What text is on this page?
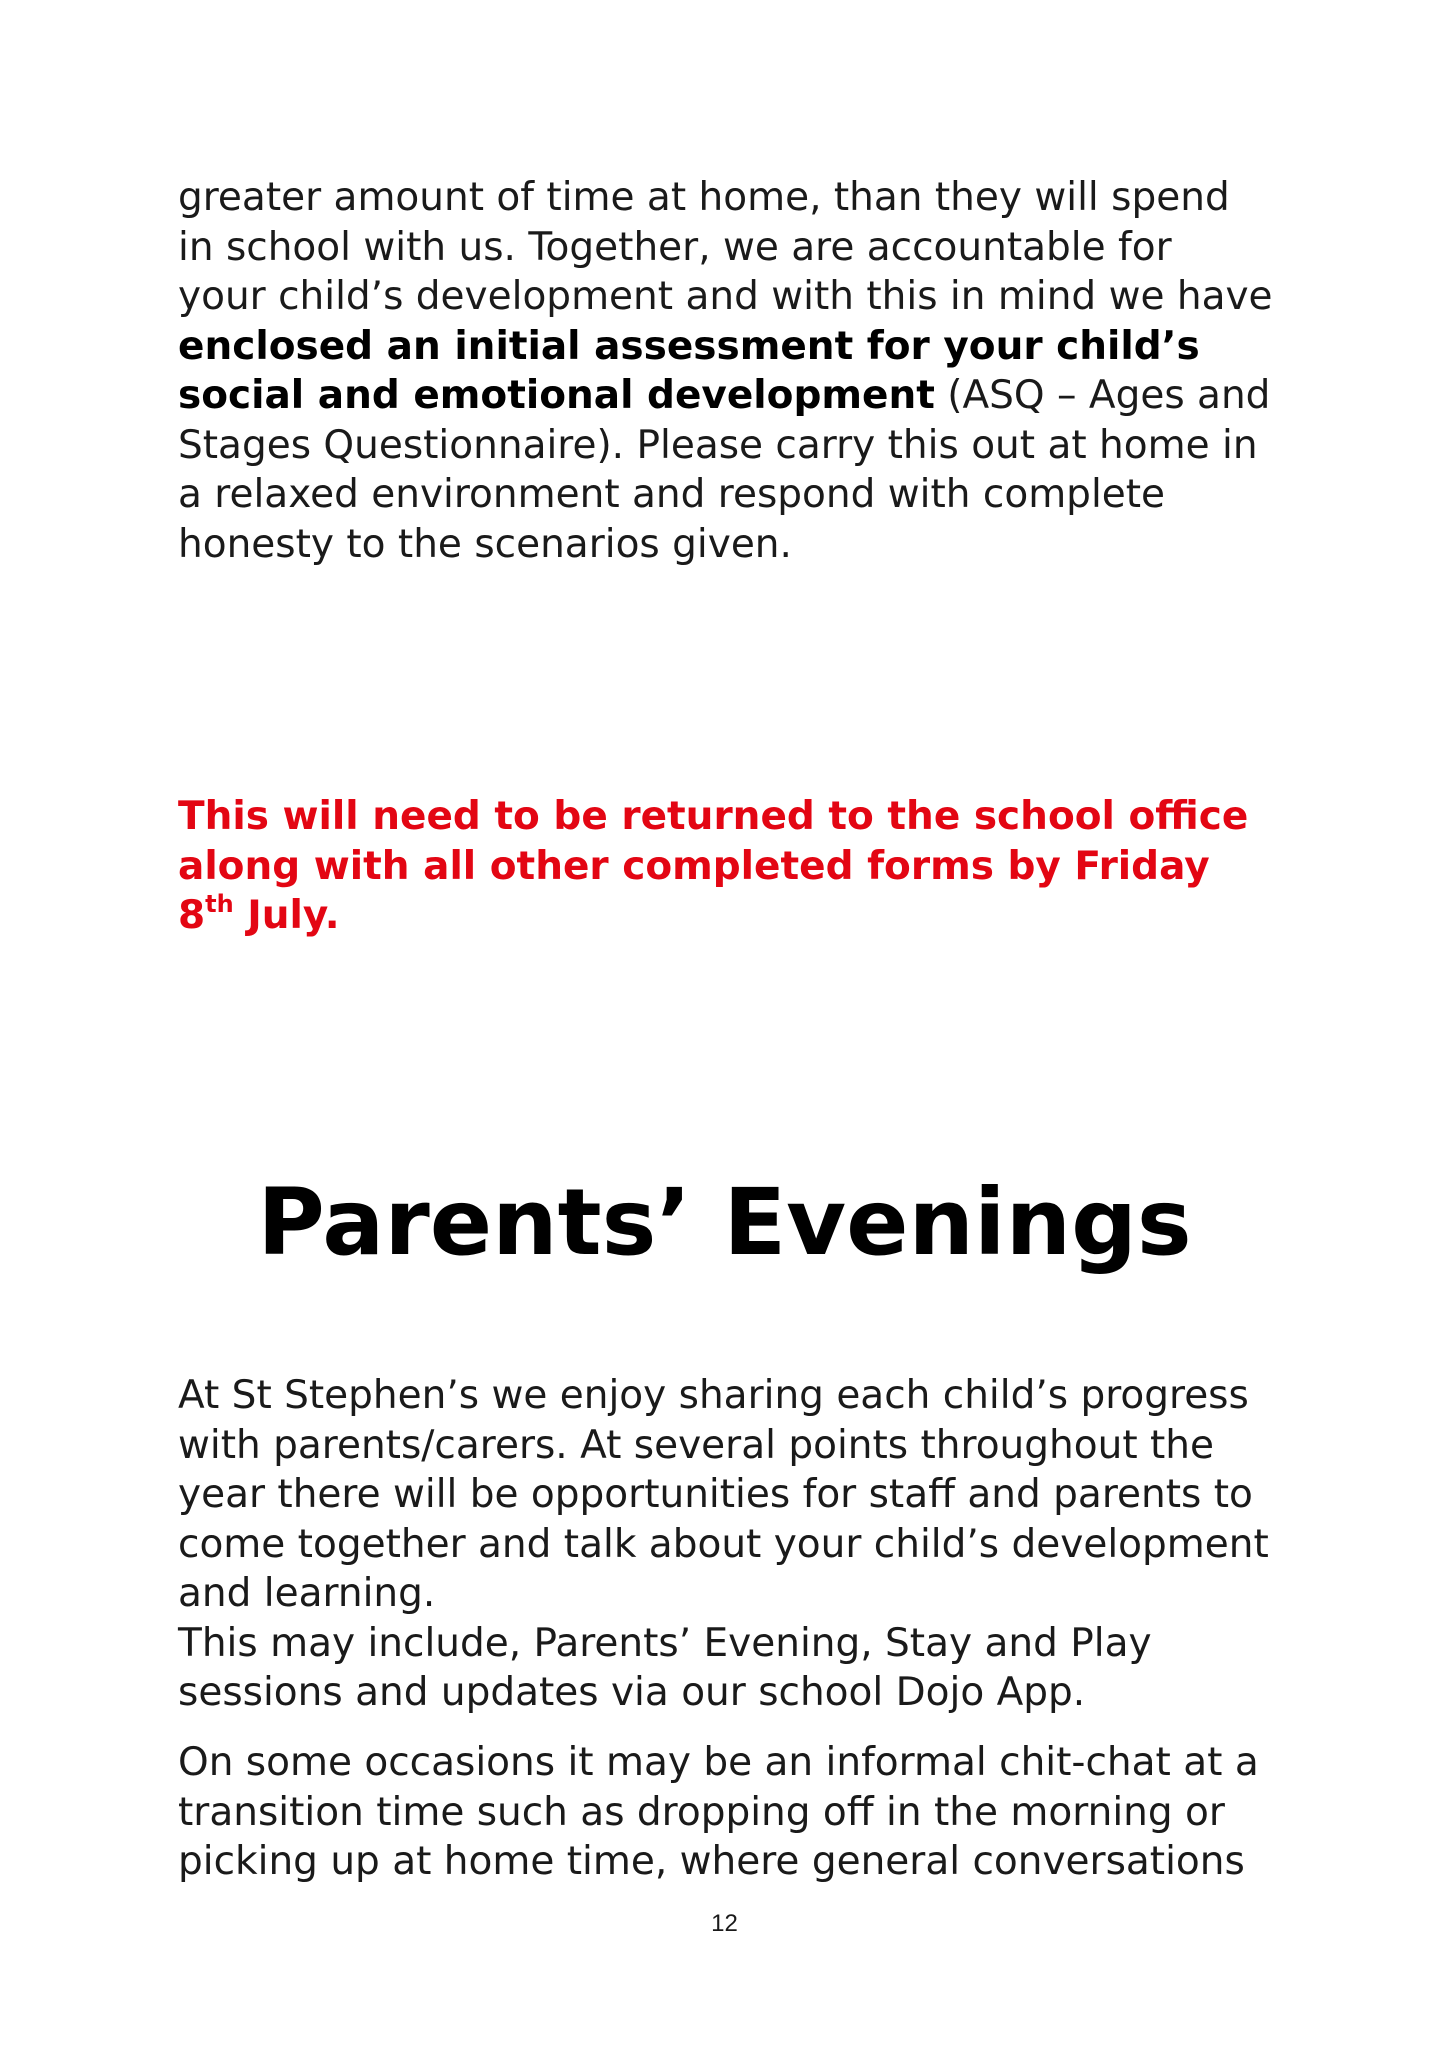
greater amount of time at home, than they will spend
in school with us. Together, we are accountable for
your child’s development and with this in mind we have
enclosed an initial assessment for your child’s
social and emotional development (ASQ – Ages and
Stages Questionnaire). Please carry this out at home in
a relaxed environment and respond with complete
honesty to the scenarios given.
This will need to be returned to the school office
along with all other completed forms by Friday
8th July.
Parents’ Evenings
At St Stephen’s we enjoy sharing each child’s progress
with parents/carers. At several points throughout the
year there will be opportunities for staff and parents to
come together and talk about your child’s development
and learning.
This may include, Parents’ Evening, Stay and Play
sessions and updates via our school Dojo App.
On some occasions it may be an informal chit-chat at a
transition time such as dropping off in the morning or
picking up at home time, where general conversations
12
